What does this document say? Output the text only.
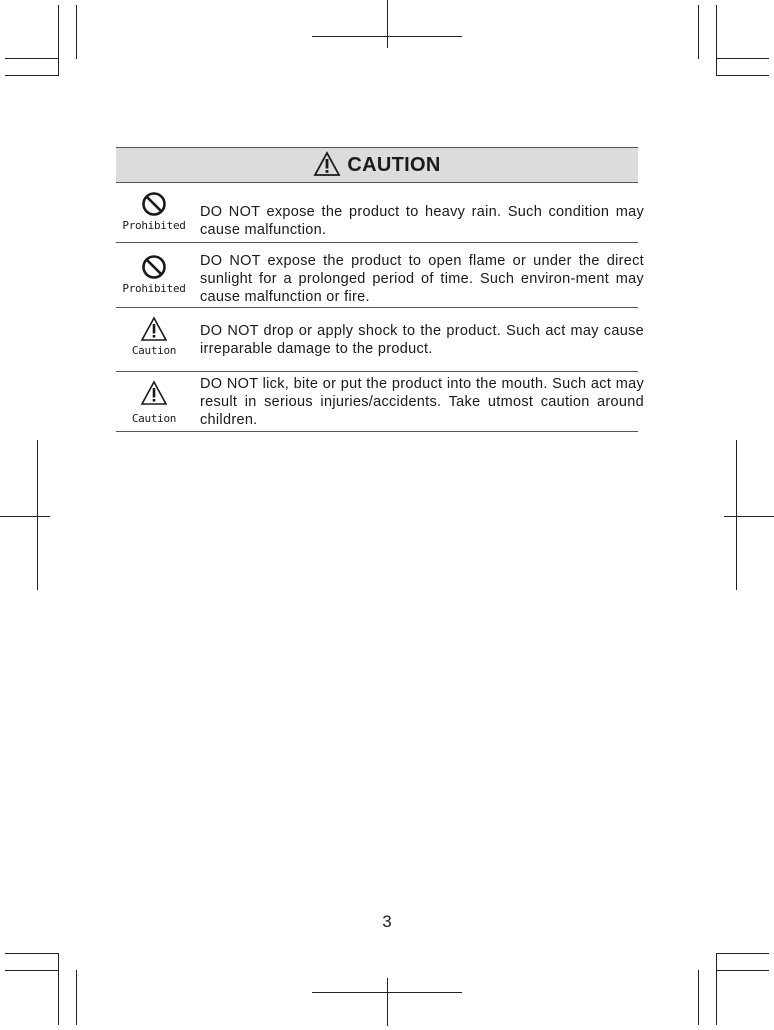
CAUTION
Prohibited
DO NOT expose the product to heavy rain. Such condition may cause malfunction.
Prohibited
DO NOT expose the product to open flame or under the direct sunlight for a prolonged period of time. Such environ-ment may cause malfunction or fire.
Caution
DO NOT drop or apply shock to the product. Such act may cause irreparable damage to the product.
Caution
DO NOT lick, bite or put the product into the mouth. Such act may result in serious injuries/accidents. Take utmost caution around children.
3
